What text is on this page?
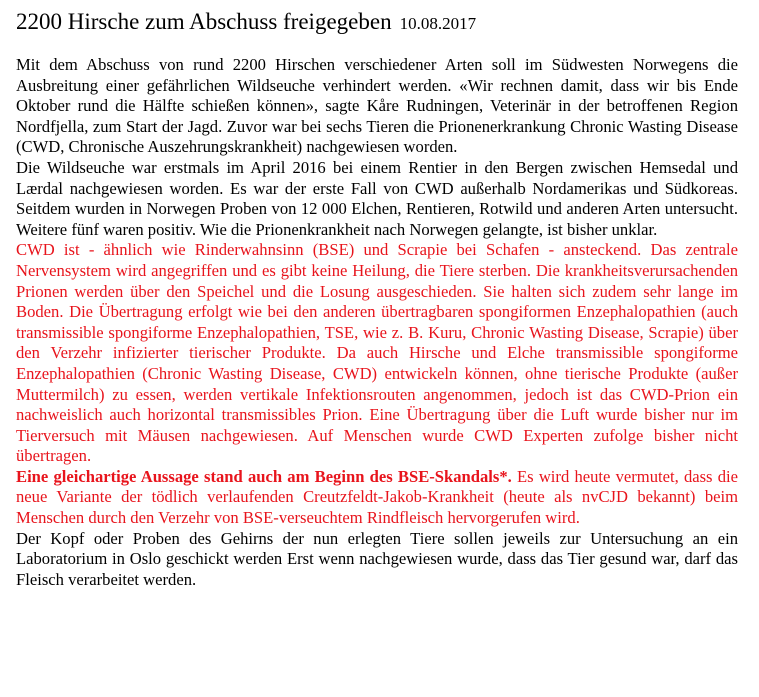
2200 Hirsche zum Abschuss freigegeben 10.08.2017

Mit dem Abschuss von rund 2200 Hirschen verschiedener Arten soll im Südwesten Norwegens die Ausbreitung einer gefährlichen Wildseuche verhindert werden. «Wir rechnen damit, dass wir bis Ende Oktober rund die Hälfte schießen können», sagte Kåre Rudningen, Veterinär in der betroffenen Region Nordfjella, zum Start der Jagd. Zuvor war bei sechs Tieren die Prionenerkrankung Chronic Wasting Disease (CWD, Chronische Auszehrungskrankheit) nachgewiesen worden.

Die Wildseuche war erstmals im April 2016 bei einem Rentier in den Bergen zwischen Hemsedal und Lærdal nachgewiesen worden. Es war der erste Fall von CWD außerhalb Nordamerikas und Südkoreas. Seitdem wurden in Norwegen Proben von 12 000 Elchen, Rentieren, Rotwild und anderen Arten untersucht. Weitere fünf waren positiv. Wie die Prionenkrankheit nach Norwegen gelangte, ist bisher unklar.

CWD ist - ähnlich wie Rinderwahnsinn (BSE) und Scrapie bei Schafen - ansteckend. Das zentrale Nervensystem wird angegriffen und es gibt keine Heilung, die Tiere sterben. Die krankheitsverursachenden Prionen werden über den Speichel und die Losung ausgeschieden. Sie halten sich zudem sehr lange im Boden. Die Übertragung erfolgt wie bei den anderen übertragbaren spongiformen Enzephalopathien (auch transmissible spongiforme Enzephalopathien, TSE, wie z. B. Kuru, Chronic Wasting Disease, Scrapie) über den Verzehr infizierter tierischer Produkte. Da auch Hirsche und Elche transmissible spongiforme Enzephalopathien (Chronic Wasting Disease, CWD) entwickeln können, ohne tierische Produkte (außer Muttermilch) zu essen, werden vertikale Infektionsrouten angenommen, jedoch ist das CWD-Prion ein nachweislich auch horizontal transmissibles Prion. Eine Übertragung über die Luft wurde bisher nur im Tierversuch mit Mäusen nachgewiesen. Auf Menschen wurde CWD Experten zufolge bisher nicht übertragen.

Eine gleichartige Aussage stand auch am Beginn des BSE-Skandals*. Es wird heute vermutet, dass die neue Variante der tödlich verlaufenden Creutzfeldt-Jakob-Krankheit (heute als nvCJD bekannt) beim Menschen durch den Verzehr von BSE-verseuchtem Rindfleisch hervorgerufen wird.

Der Kopf oder Proben des Gehirns der nun erlegten Tiere sollen jeweils zur Untersuchung an ein Laboratorium in Oslo geschickt werden Erst wenn nachgewiesen wurde, dass das Tier gesund war, darf das Fleisch verarbeitet werden.
